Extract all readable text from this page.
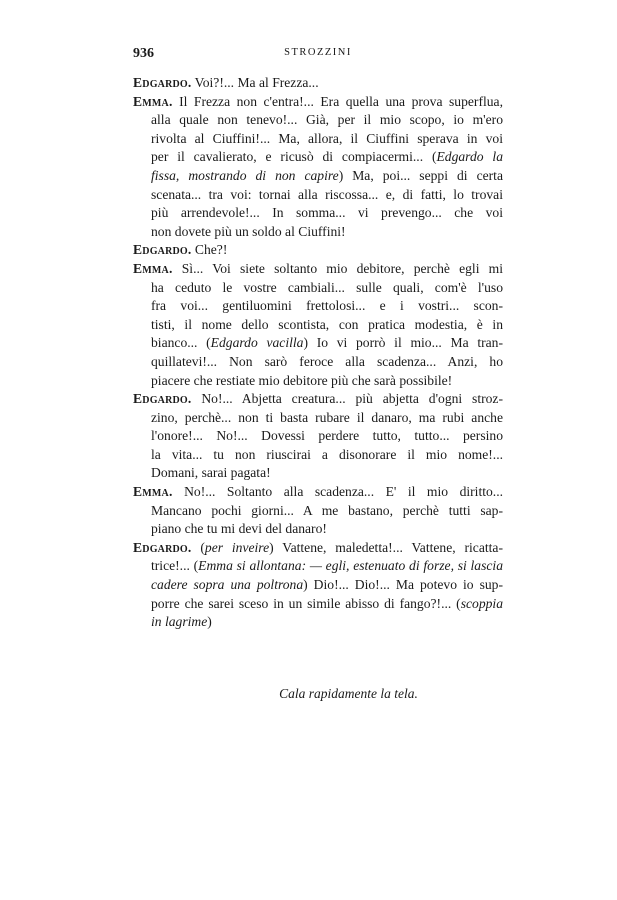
936	STROZZINI

Edgardo. Voi?!... Ma al Frezza...

Emma. Il Frezza non c'entra!... Era quella una prova superflua,
alla quale non tenevo!... Già, per il mio scopo, io m'ero
rivolta al Ciuffini!... Ma, allora, il Ciuffini sperava in voi
per il cavalierato, e ricusò di compiacermi... (Edgardo la
fissa, mostrando di non capire) Ma, poi... seppi di certa
scenata... tra voi: tornai alla riscossa... e, di fatti, lo trovai
più arrendevole!... In somma... vi prevengo... che voi
non dovete più un soldo al Ciuffini!

Edgardo. Che?!

Emma. Sì... Voi siete soltanto mio debitore, perchè egli mi
ha ceduto le vostre cambiali... sulle quali, com'è l'uso
fra voi... gentiluomini frettolosi... e i vostri... scon-
tisti, il nome dello scontista, con pratica modestia, è in
bianco... (Edgardo vacilla) Io vi porrò il mio... Ma tran-
quillatevi!... Non sarò feroce alla scadenza... Anzi, ho
piacere che restiate mio debitore più che sarà possibile!

Edgardo. No!... Abjetta creatura... più abjetta d'ogni stroz-
zino, perchè... non ti basta rubare il danaro, ma rubi anche
l'onore!... No!... Dovessi perdere tutto, tutto... persino
la vita... tu non riuscirai a disonorare il mio nome!...
Domani, sarai pagata!

Emma. No!... Soltanto alla scadenza... E' il mio diritto...
Mancano pochi giorni... A me bastano, perchè tutti sap-
piano che tu mi devi del danaro!

Edgardo. (per inveire) Vattene, maledetta!... Vattene, ricatta-
trice!... (Emma si allontana: — egli, estenuato di forze, si lascia
cadere sopra una poltrona) Dio!... Dio!... Ma potevo io sup-
porre che sarei sceso in un simile abisso di fango?!... (scoppia
in lagrime)

Cala rapidamente la tela.
